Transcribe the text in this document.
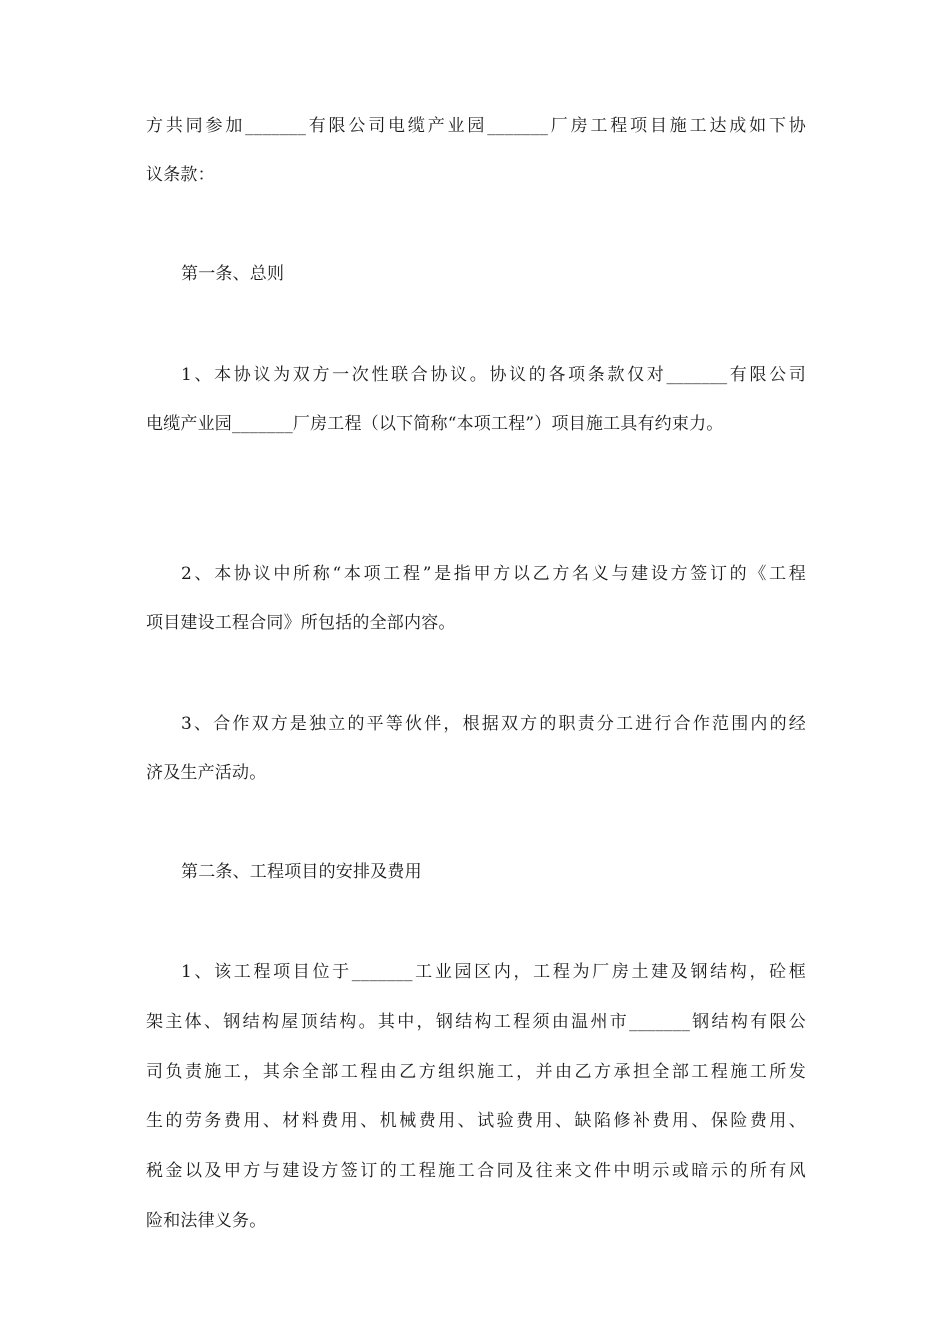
方共同参加_______有限公司电缆产业园_______厂房工程项目施工达成如下协
议条款：
第一条、总则
1、本协议为双方一次性联合协议。协议的各项条款仅对_______有限公司
电缆产业园_______厂房工程（以下简称“本项工程”）项目施工具有约束力。
2、本协议中所称“本项工程”是指甲方以乙方名义与建设方签订的《工程
项目建设工程合同》所包括的全部内容。
3、合作双方是独立的平等伙伴，根据双方的职责分工进行合作范围内的经
济及生产活动。
第二条、工程项目的安排及费用
1、该工程项目位于_______工业园区内，工程为厂房土建及钢结构，砼框
架主体、钢结构屋顶结构。其中，钢结构工程须由温州市_______钢结构有限公
司负责施工，其余全部工程由乙方组织施工，并由乙方承担全部工程施工所发
生的劳务费用、材料费用、机械费用、试验费用、缺陷修补费用、保险费用、
税金以及甲方与建设方签订的工程施工合同及往来文件中明示或暗示的所有风
险和法律义务。
